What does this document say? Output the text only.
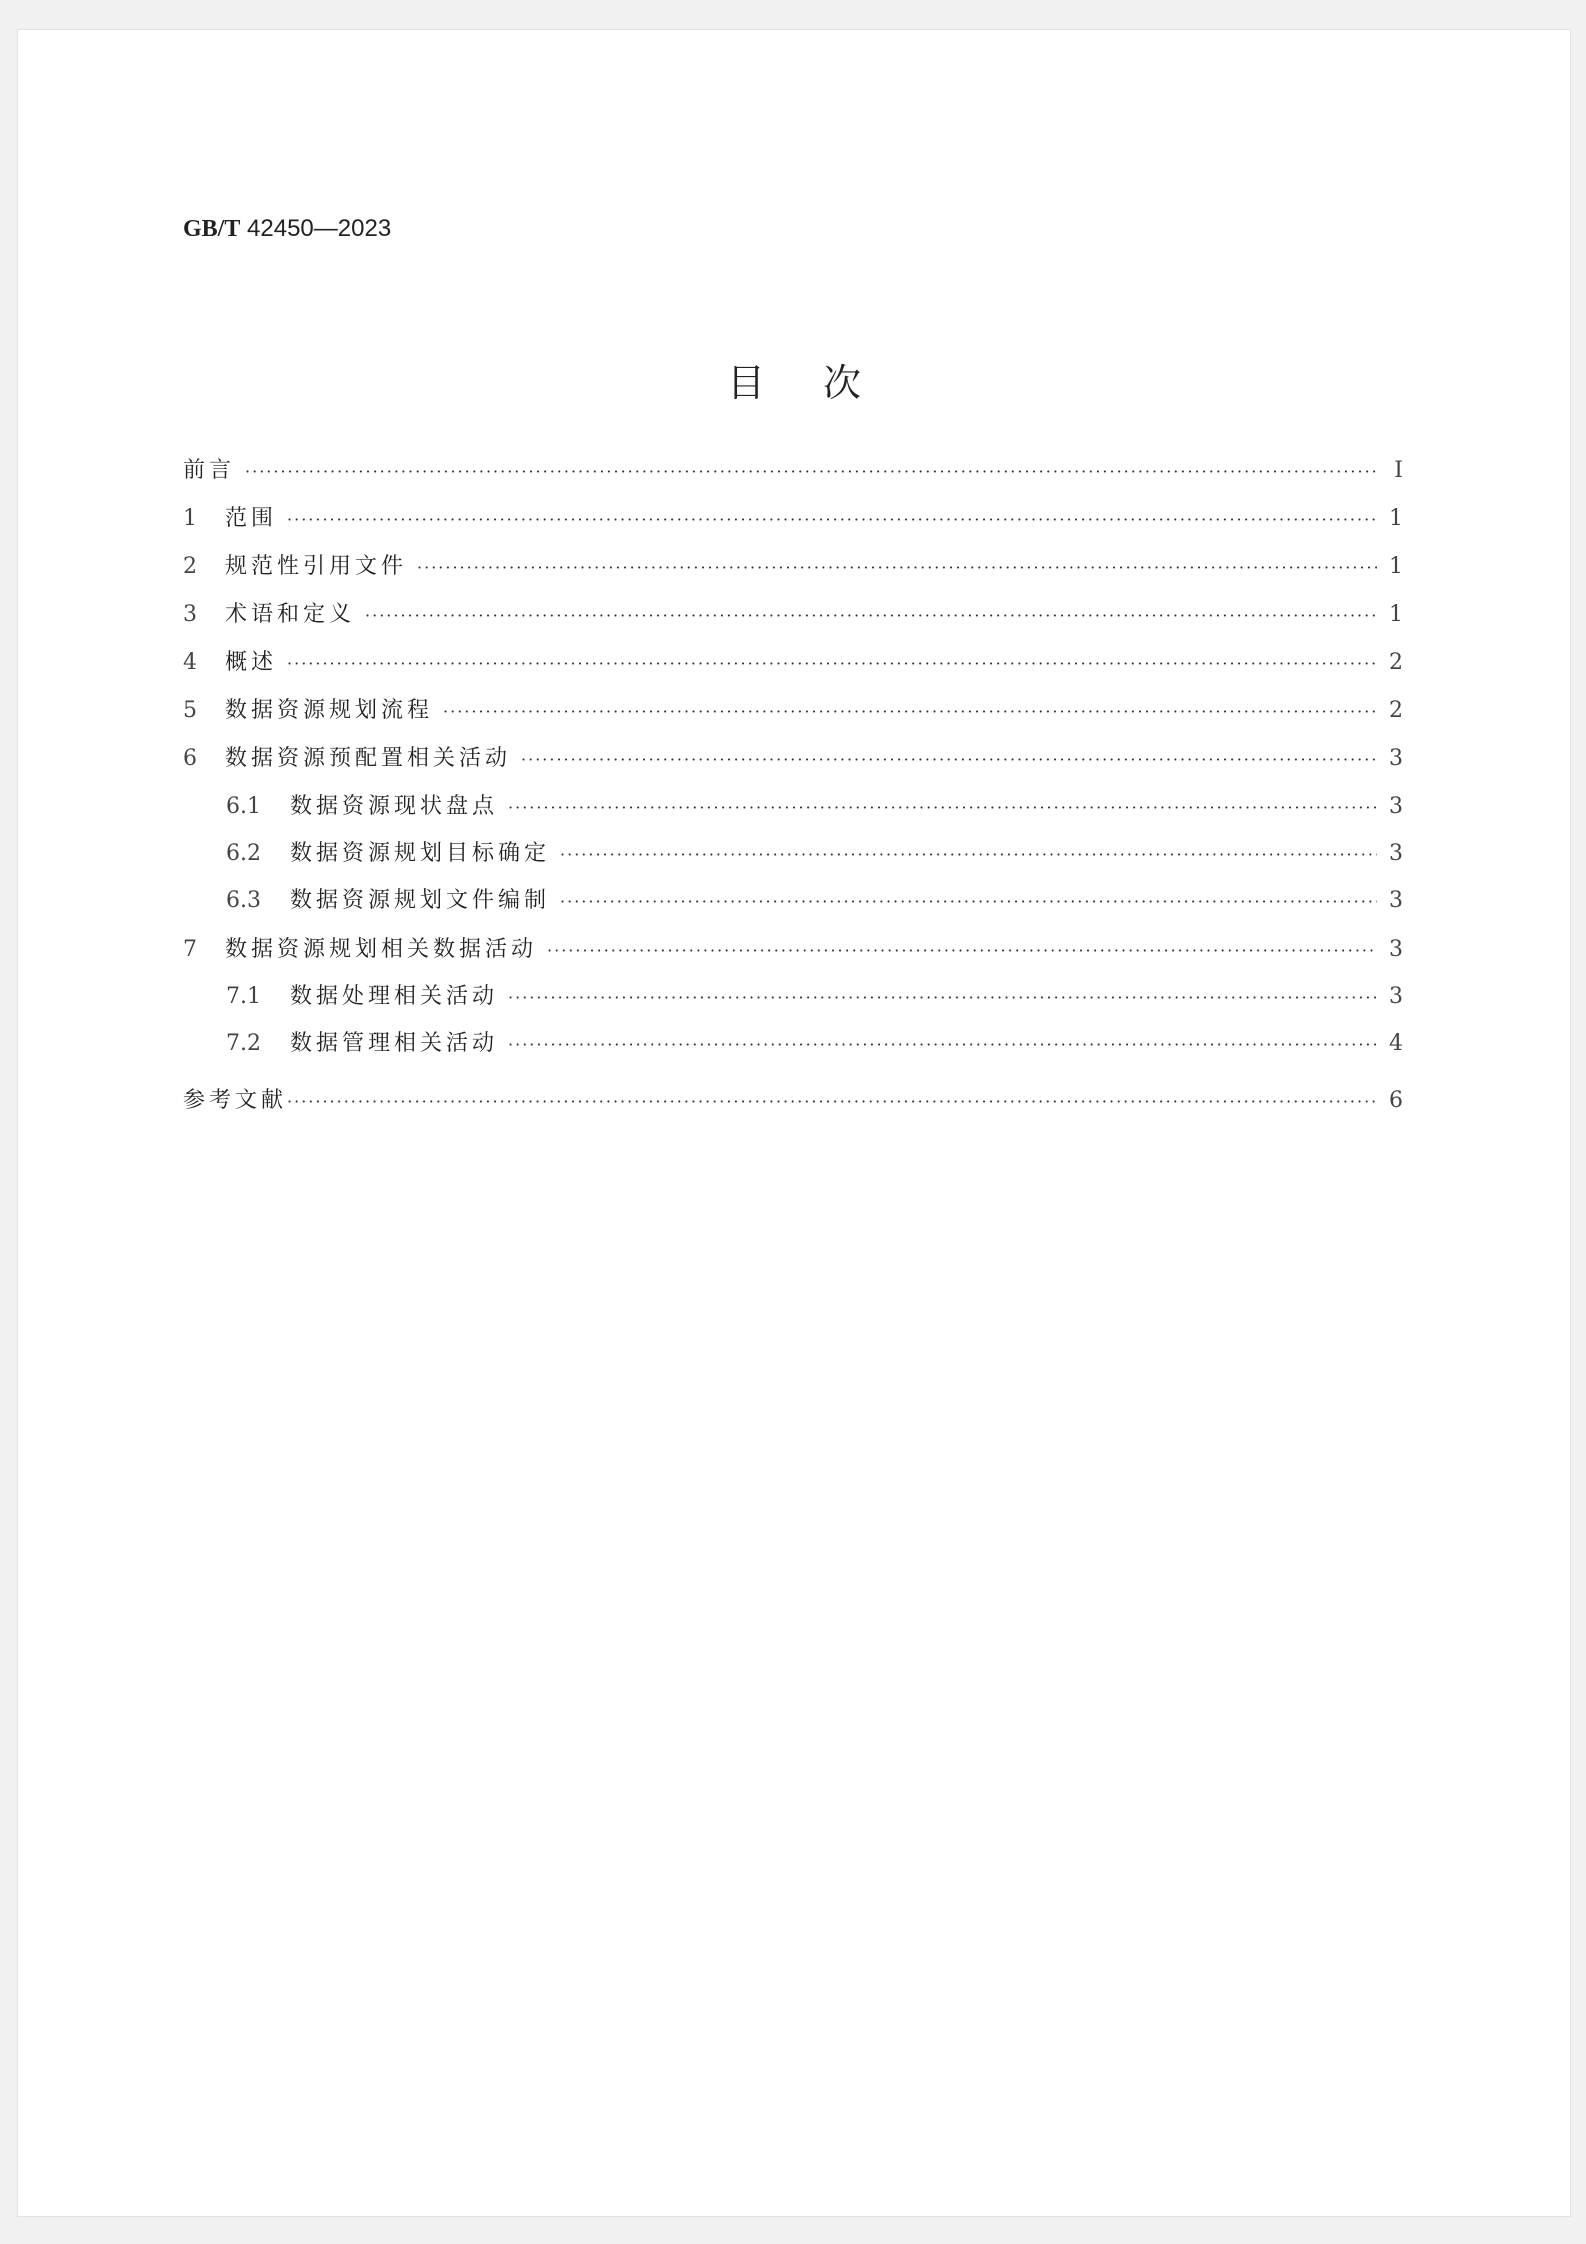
GB/T 42450—2023
目次
前言 ·····	I
1	范围 ·····	1
2	规范性引用文件 ·····	1
3	术语和定义 ·····	1
4	概述 ·····	2
5	数据资源规划流程 ·····	2
6	数据资源预配置相关活动 ·····	3
6.1	数据资源现状盘点 ·····	3
6.2	数据资源规划目标确定 ·····	3
6.3	数据资源规划文件编制 ·····	3
7	数据资源规划相关数据活动 ·····	3
7.1	数据处理相关活动 ·····	3
7.2	数据管理相关活动 ·····	4
参考文献 ·····	6
